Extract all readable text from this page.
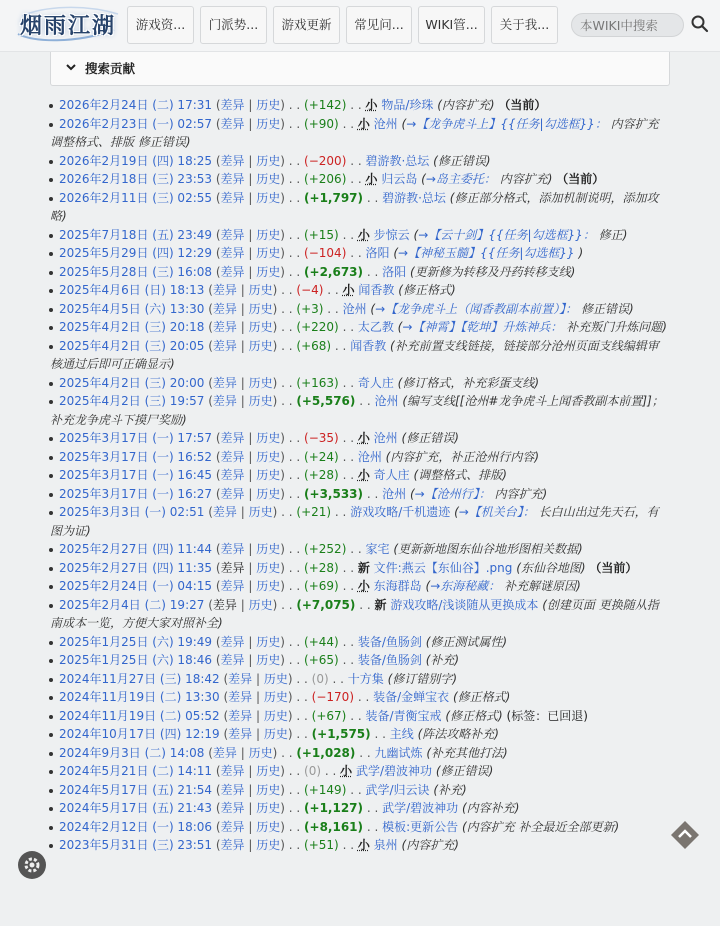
烟雨江湖	游戏资...	门派势...	游戏更新	常见问...	WIKI管...	关于我...
本WIKI中搜索
搜索贡献
2026年2月24日 (二) 17:31 (差异 | 历史) . . (+142) . . 小 物品/珍珠 (内容扩充) （当前）
2026年2月23日 (一) 02:57 (差异 | 历史) . . (+90) . . 小 沧州 (→【龙争虎斗上】{{任务|勾选框}}： 内容扩充 调整格式、排版 修正错误)
2026年2月19日 (四) 18:25 (差异 | 历史) . . (−200) . . 碧游教·总坛 (修正错误)
2026年2月18日 (三) 23:53 (差异 | 历史) . . (+206) . . 小 归云岛 (→岛主委托： 内容扩充) （当前）
2026年2月11日 (三) 02:55 (差异 | 历史) . . (+1,797) . . 碧游教·总坛 (修正部分格式，添加机制说明，添加攻略)
2025年7月18日 (五) 23:49 (差异 | 历史) . . (+15) . . 小 步惊云 (→【云十剑】{{任务|勾选框}}： 修正)
2025年5月29日 (四) 12:29 (差异 | 历史) . . (−104) . . 洛阳 (→【神秘玉髓】{{任务|勾选框}} )
2025年5月28日 (三) 16:08 (差异 | 历史) . . (+2,673) . . 洛阳 (更新修为转移及丹药转移支线)
2025年4月6日 (日) 18:13 (差异 | 历史) . . (−4) . . 小 闻香教 (修正格式)
2025年4月5日 (六) 13:30 (差异 | 历史) . . (+3) . . 沧州 (→【龙争虎斗上（闻香教副本前置）】： 修正错误)
2025年4月2日 (三) 20:18 (差异 | 历史) . . (+220) . . 太乙教 (→【神霄】【乾坤】升炼神兵： 补充叛门升炼问题)
2025年4月2日 (三) 20:05 (差异 | 历史) . . (+68) . . 闻香教 (补充前置支线链接，链接部分沧州页面支线编辑审核通过后即可正确显示)
2025年4月2日 (三) 20:00 (差异 | 历史) . . (+163) . . 奇人庄 (修订格式，补充彩蛋支线)
2025年4月2日 (三) 19:57 (差异 | 历史) . . (+5,576) . . 沧州 (编写支线[[沧州#龙争虎斗上闻香教副本前置]]；补充龙争虎斗下摸尸奖励)
2025年3月17日 (一) 17:57 (差异 | 历史) . . (−35) . . 小 沧州 (修正错误)
2025年3月17日 (一) 16:52 (差异 | 历史) . . (+24) . . 沧州 (内容扩充，补正沧州行内容)
2025年3月17日 (一) 16:45 (差异 | 历史) . . (+28) . . 小 奇人庄 (调整格式、排版)
2025年3月17日 (一) 16:27 (差异 | 历史) . . (+3,533) . . 沧州 (→【沧州行】： 内容扩充)
2025年3月3日 (一) 02:51 (差异 | 历史) . . (+21) . . 游戏攻略/千机遗迹 (→【机关台】： 长白山出过先天石，有图为证)
2025年2月27日 (四) 11:44 (差异 | 历史) . . (+252) . . 家宅 (更新新地图东仙谷地形图相关数据)
2025年2月27日 (四) 11:35 (差异 | 历史) . . (+28) . . 新 文件:燕云【东仙谷】.png (东仙谷地图) （当前）
2025年2月24日 (一) 04:15 (差异 | 历史) . . (+69) . . 小 东海群岛 (→东海秘藏： 补充解谜原因)
2025年2月4日 (二) 19:27 (差异 | 历史) . . (+7,075) . . 新 游戏攻略/浅谈随从更换成本 (创建页面 更换随从指南成本一览，方便大家对照补全)
2025年1月25日 (六) 19:49 (差异 | 历史) . . (+44) . . 装备/鱼肠剑 (修正测试属性)
2025年1月25日 (六) 18:46 (差异 | 历史) . . (+65) . . 装备/鱼肠剑 (补充)
2024年11月27日 (三) 18:42 (差异 | 历史) . . (0) . . 十方集 (修订错别字)
2024年11月19日 (二) 13:30 (差异 | 历史) . . (−170) . . 装备/金蝉宝衣 (修正格式)
2024年11月19日 (二) 05:52 (差异 | 历史) . . (+67) . . 装备/青衡宝戒 (修正格式) (标签：已回退)
2024年10月17日 (四) 12:19 (差异 | 历史) . . (+1,575) . . 主线 (阵法攻略补充)
2024年9月3日 (二) 14:08 (差异 | 历史) . . (+1,028) . . 九幽试炼 (补充其他打法)
2024年5月21日 (二) 14:11 (差异 | 历史) . . (0) . . 小 武学/碧波神功 (修正错误)
2024年5月17日 (五) 21:54 (差异 | 历史) . . (+149) . . 武学/归云诀 (补充)
2024年5月17日 (五) 21:43 (差异 | 历史) . . (+1,127) . . 武学/碧波神功 (内容补充)
2024年2月12日 (一) 18:06 (差异 | 历史) . . (+8,161) . . 模板:更新公告 (内容扩充 补全最近全部更新)
2023年5月31日 (三) 23:51 (差异 | 历史) . . (+51) . . 小 泉州 (内容扩充)
